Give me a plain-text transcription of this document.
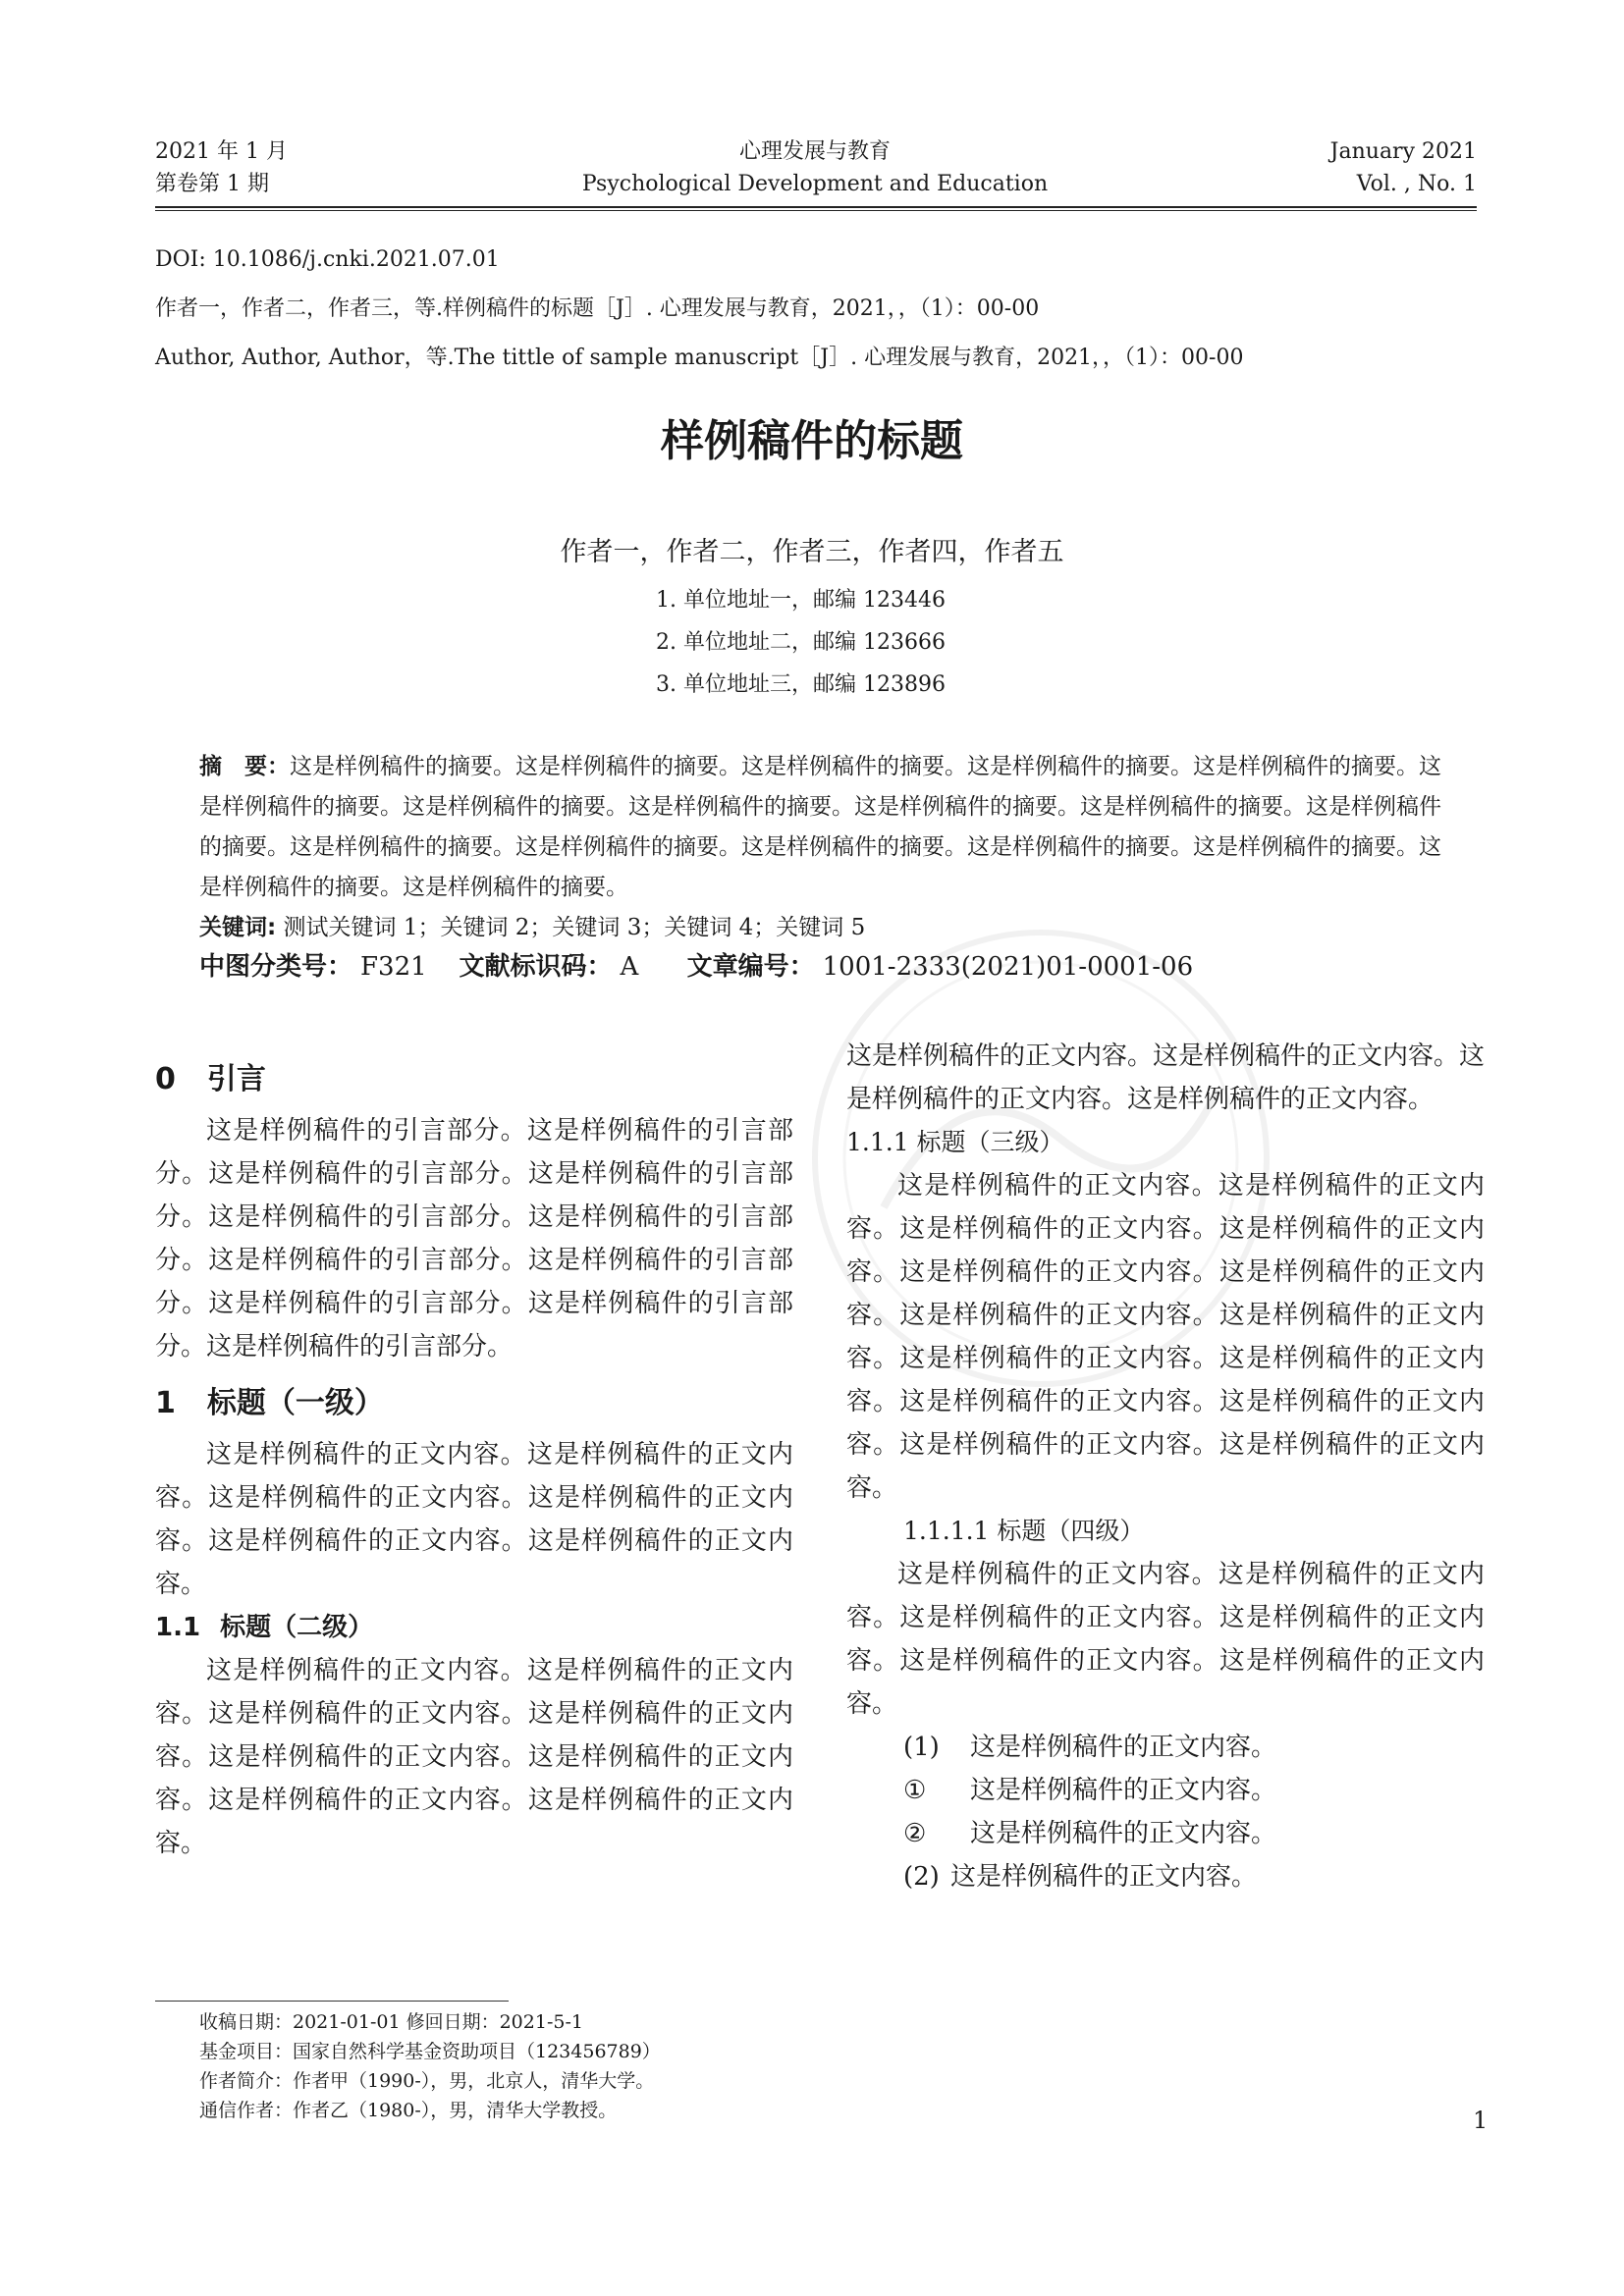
2021 年 1 月
第卷第 1 期
心理发展与教育
Psychological Development and Education
January 2021
Vol. , No. 1
DOI: 10.1086/j.cnki.2021.07.01
作者一，作者二，作者三，等.样例稿件的标题［J］. 心理发展与教育，2021，，（1）：00-00
Author, Author, Author，等.The tittle of sample manuscript［J］. 心理发展与教育，2021，，（1）：00-00
样例稿件的标题
作者一，作者二，作者三，作者四，作者五
1. 单位地址一，邮编 123446
2. 单位地址二，邮编 123666
3. 单位地址三，邮编 123896

摘　要：这是样例稿件的摘要。这是样例稿件的摘要。这是样例稿件的摘要。这是样例稿件的摘要。这是样例稿件的摘要。这是样例稿件的摘要。这是样例稿件的摘要。这是样例稿件的摘要。这是样例稿件的摘要。这是样例稿件的摘要。这是样例稿件的摘要。这是样例稿件的摘要。这是样例稿件的摘要。这是样例稿件的摘要。这是样例稿件的摘要。这是样例稿件的摘要。这是样例稿件的摘要。这是样例稿件的摘要。

关键词: 测试关键词 1；关键词 2；关键词 3；关键词 4；关键词 5

中图分类号： F321 文献标识码： A 文章编号： 1001-2333(2021)01-0001-06
0 引言

这是样例稿件的引言部分。这是样例稿件的引言部分。这是样例稿件的引言部分。这是样例稿件的引言部分。这是样例稿件的引言部分。这是样例稿件的引言部分。这是样例稿件的引言部分。这是样例稿件的引言部分。这是样例稿件的引言部分。这是样例稿件的引言部分。这是样例稿件的引言部分。

1 标题（一级）

这是样例稿件的正文内容。这是样例稿件的正文内容。这是样例稿件的正文内容。这是样例稿件的正文内容。这是样例稿件的正文内容。这是样例稿件的正文内容。

1.1 标题（二级）

这是样例稿件的正文内容。这是样例稿件的正文内容。这是样例稿件的正文内容。这是样例稿件的正文内容。这是样例稿件的正文内容。这是样例稿件的正文内容。这是样例稿件的正文内容。这是样例稿件的正文内容。

这是样例稿件的正文内容。这是样例稿件的正文内容。这是样例稿件的正文内容。这是样例稿件的正文内容。

1.1.1 标题（三级）

这是样例稿件的正文内容。这是样例稿件的正文内容。这是样例稿件的正文内容。这是样例稿件的正文内容。这是样例稿件的正文内容。这是样例稿件的正文内容。这是样例稿件的正文内容。这是样例稿件的正文内容。这是样例稿件的正文内容。这是样例稿件的正文内容。这是样例稿件的正文内容。这是样例稿件的正文内容。这是样例稿件的正文内容。这是样例稿件的正文内容。

1.1.1.1 标题（四级）

这是样例稿件的正文内容。这是样例稿件的正文内容。这是样例稿件的正文内容。这是样例稿件的正文内容。这是样例稿件的正文内容。这是样例稿件的正文内容。

(1) 这是样例稿件的正文内容。
① 这是样例稿件的正文内容。
② 这是样例稿件的正文内容。
(2) 这是样例稿件的正文内容。
收稿日期：2021-01-01 修回日期：2021-5-1
基金项目：国家自然科学基金资助项目（123456789）
作者简介：作者甲（1990-），男，北京人，清华大学。
通信作者：作者乙（1980-），男，清华大学教授。	1
